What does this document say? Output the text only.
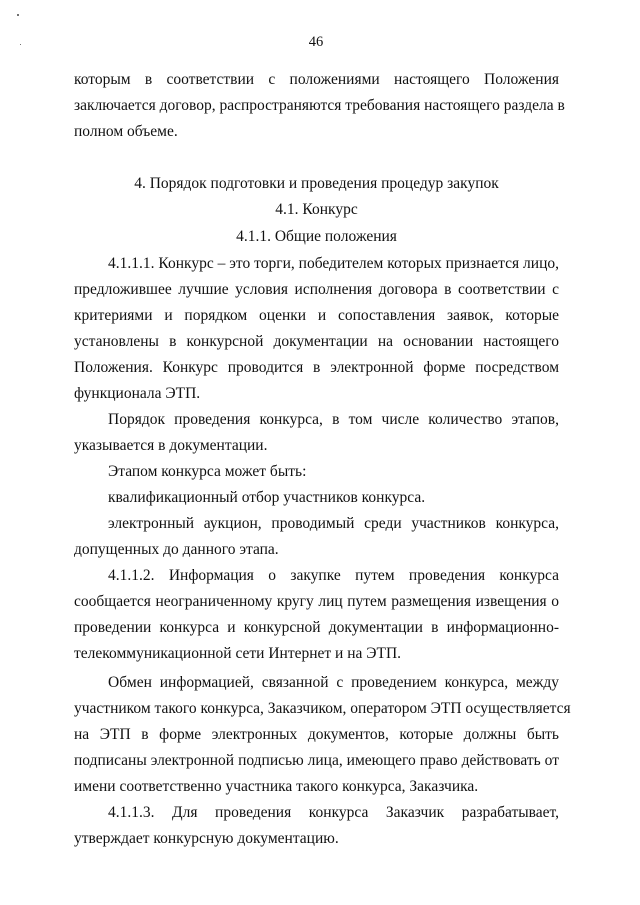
46
которым в соответствии с положениями настоящего Положения
заключается договор, распространяются требования настоящего раздела в
полном объеме.
4. Порядок подготовки и проведения процедур закупок
4.1. Конкурс
4.1.1. Общие положения
4.1.1.1. Конкурс – это торги, победителем которых признается лицо,
предложившее лучшие условия исполнения договора в соответствии с
критериями и порядком оценки и сопоставления заявок, которые
установлены в конкурсной документации на основании настоящего
Положения. Конкурс проводится в электронной форме посредством
функционала ЭТП.
Порядок проведения конкурса, в том числе количество этапов,
указывается в документации.
Этапом конкурса может быть:
квалификационный отбор участников конкурса.
электронный аукцион, проводимый среди участников конкурса,
допущенных до данного этапа.
4.1.1.2. Информация о закупке путем проведения конкурса
сообщается неограниченному кругу лиц путем размещения извещения о
проведении конкурса и конкурсной документации в информационно-
телекоммуникационной сети Интернет и на ЭТП.
Обмен информацией, связанной с проведением конкурса, между
участником такого конкурса, Заказчиком, оператором ЭТП осуществляется
на ЭТП в форме электронных документов, которые должны быть
подписаны электронной подписью лица, имеющего право действовать от
имени соответственно участника такого конкурса, Заказчика.
4.1.1.3. Для проведения конкурса Заказчик разрабатывает,
утверждает конкурсную документацию.
